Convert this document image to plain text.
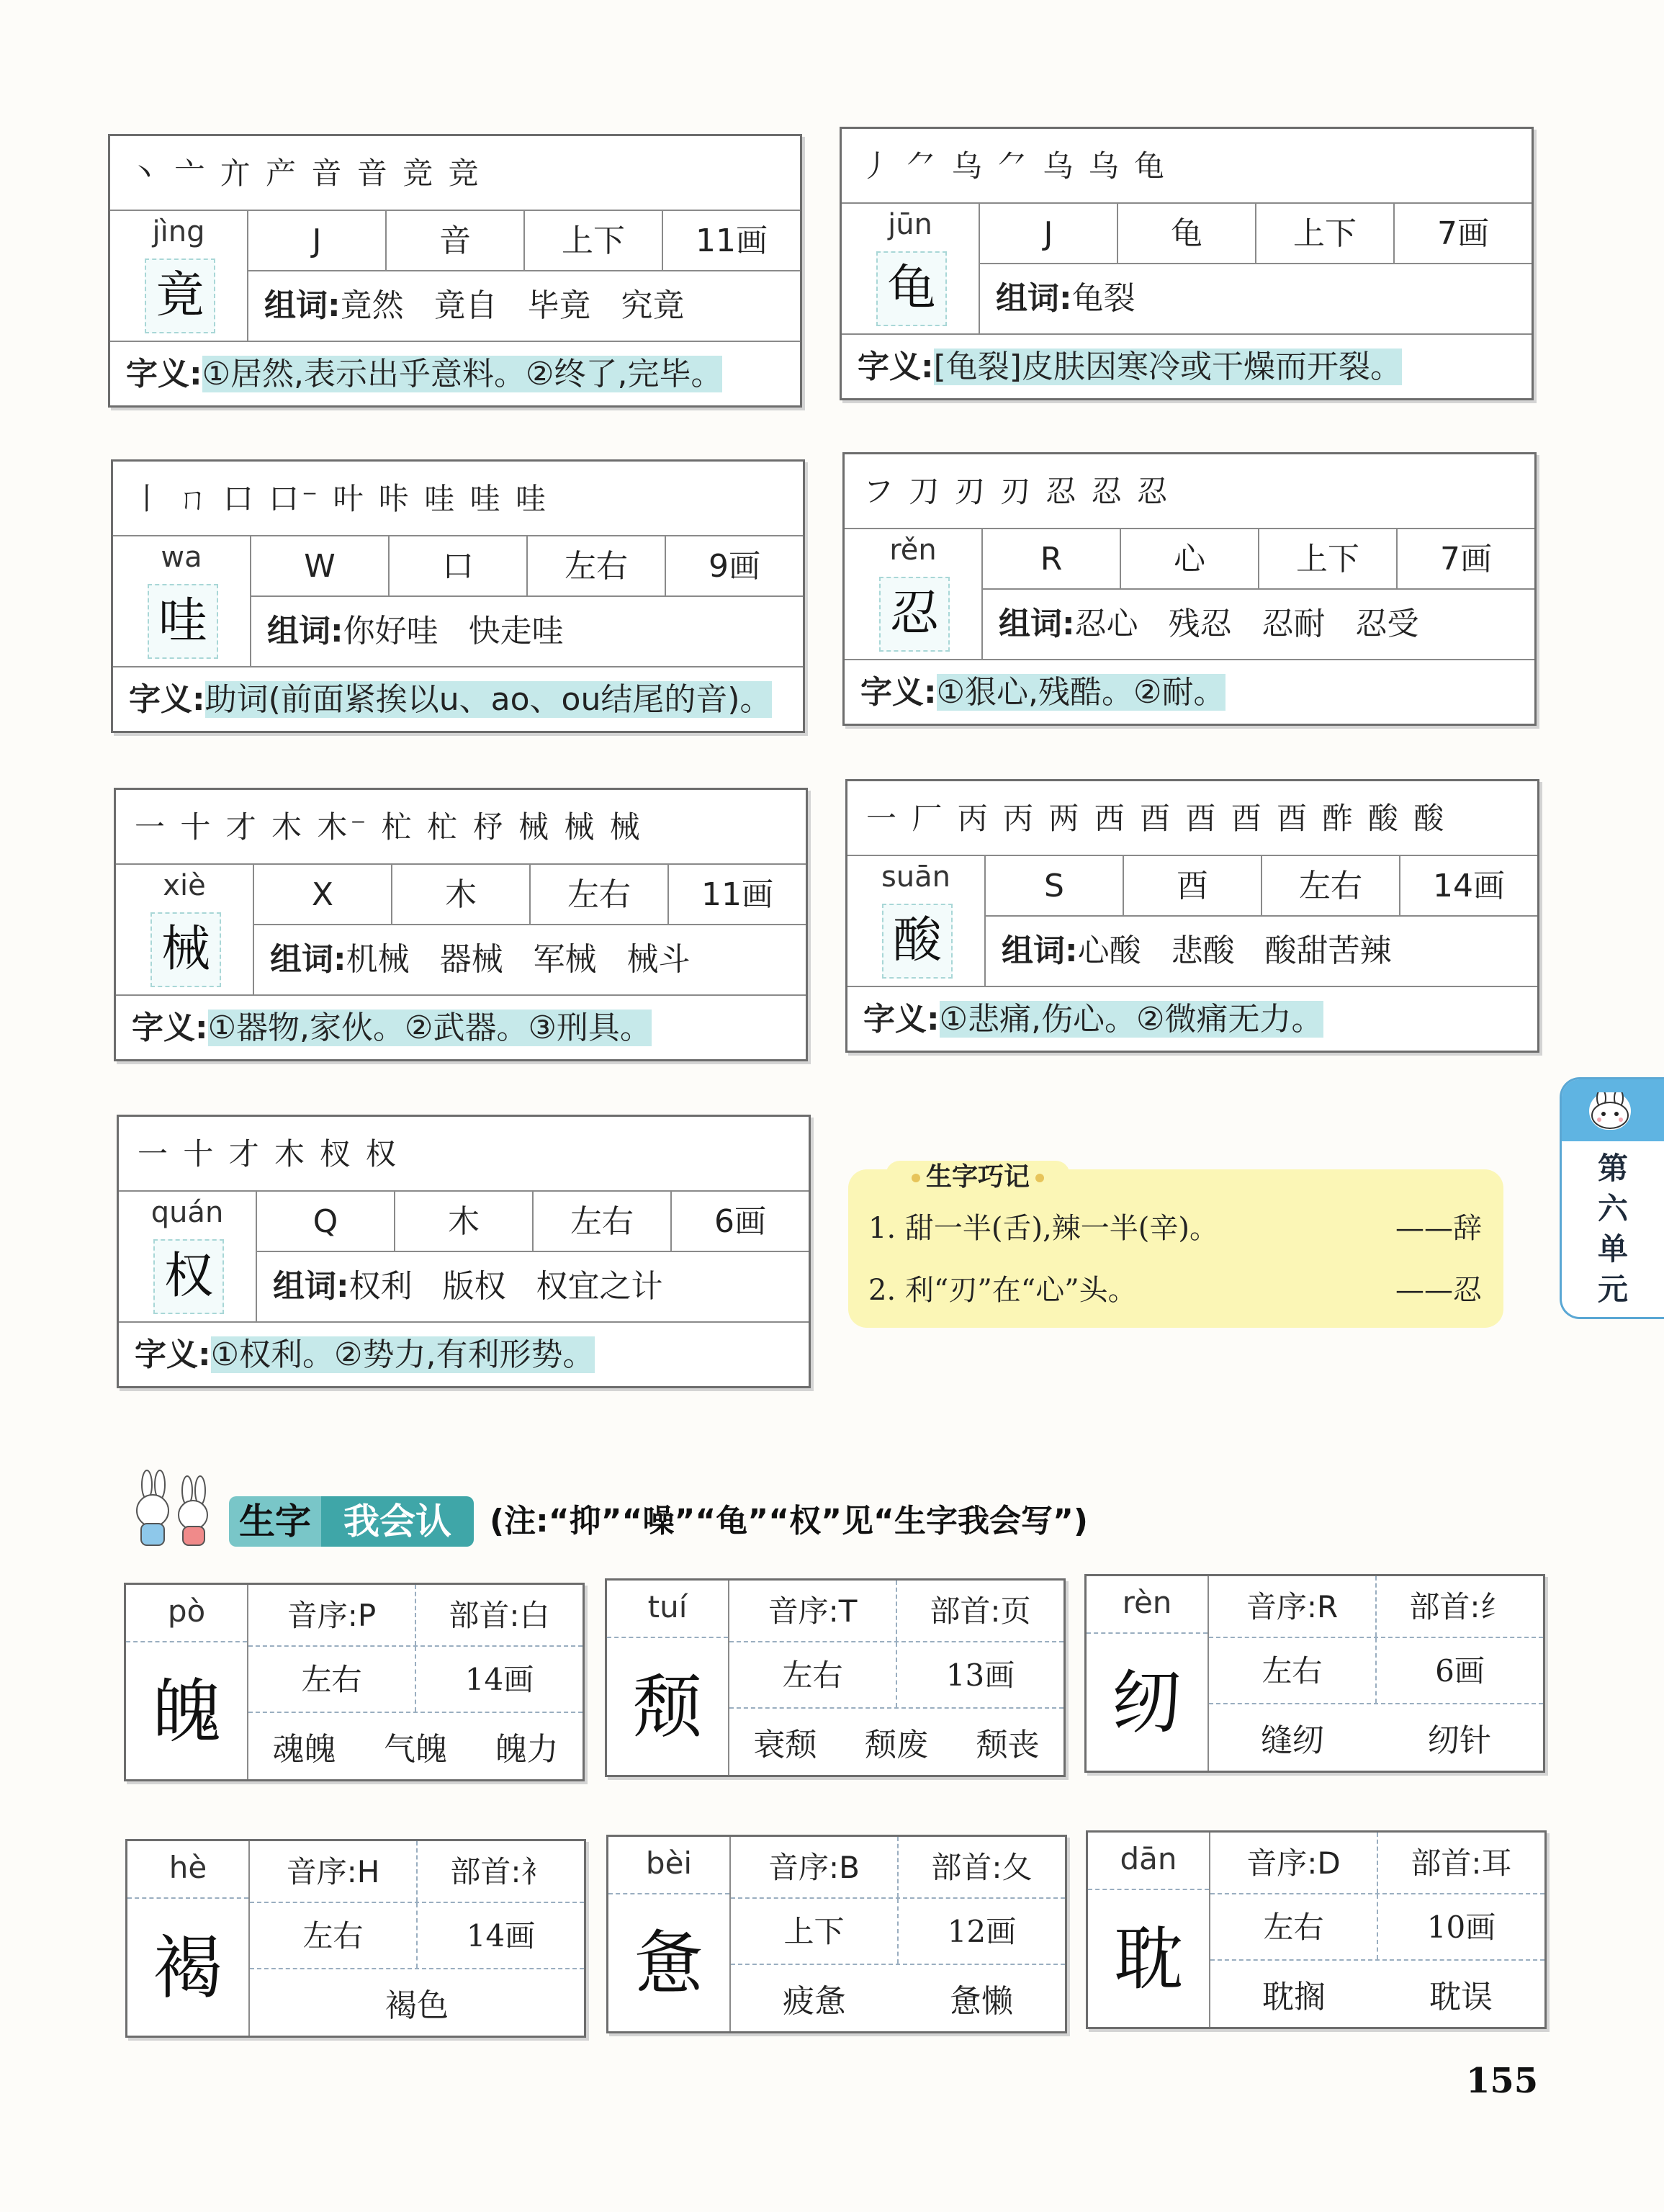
丶 亠 亣 产 音 音 竞 竞
jìng
竟
J	音	上下	11画
组词:竟然 竟自 毕竟 究竟
字义:①居然,表示出乎意料。②终了,完毕。
丿 ⺈ 乌 ⺈ 乌 乌 龟
jūn
龟
J	龟	上下	7画
组词:龟裂
字义:[龟裂]皮肤因寒冷或干燥而开裂。
丨 ㄇ 口 口⁻ 叶 咔 哇 哇 哇
wa
哇
W	口	左右	9画
组词:你好哇 快走哇
字义:助词(前面紧挨以u、ao、ou结尾的音)。
フ 刀 刃 刃 忍 忍 忍
rěn
忍
R	心	上下	7画
组词:忍心 残忍 忍耐 忍受
字义:①狠心,残酷。②耐。
一 十 才 木 木⁻ 杧 杧 杼 械 械 械
xiè
械
X	木	左右	11画
组词:机械 器械 军械 械斗
字义:①器物,家伙。②武器。③刑具。
一 厂 丙 丙 两 西 酉 酉 酉 酉 酢 酸 酸
suān
酸
S	酉	左右	14画
组词:心酸 悲酸 酸甜苦辣
字义:①悲痛,伤心。②微痛无力。
一 十 才 木 杈 权
quán
权
Q	木	左右	6画
组词:权利 版权 权宜之计
字义:①权利。②势力,有利形势。
生字巧记
1. 甜一半(舌),辣一半(辛)。	——辞
2. 利“刃”在“心”头。	——忍
第
六
单
元
生字 我会认	(注:“抑”“噪”“龟”“权”见“生字我会写”)
pò
魄
音序:P	部首:白
左右	14画
魂魄 气魄 魄力
tuí
颓
音序:T	部首:页
左右	13画
衰颓 颓废 颓丧
rèn
纫
音序:R	部首:纟
左右	6画
缝纫	纫针
hè
褐
音序:H	部首:衤
左右	14画
褐色
bèi
惫
音序:B	部首:夂
上下	12画
疲惫	惫懒
dān
耽
音序:D	部首:耳
左右	10画
耽搁	耽误
155
